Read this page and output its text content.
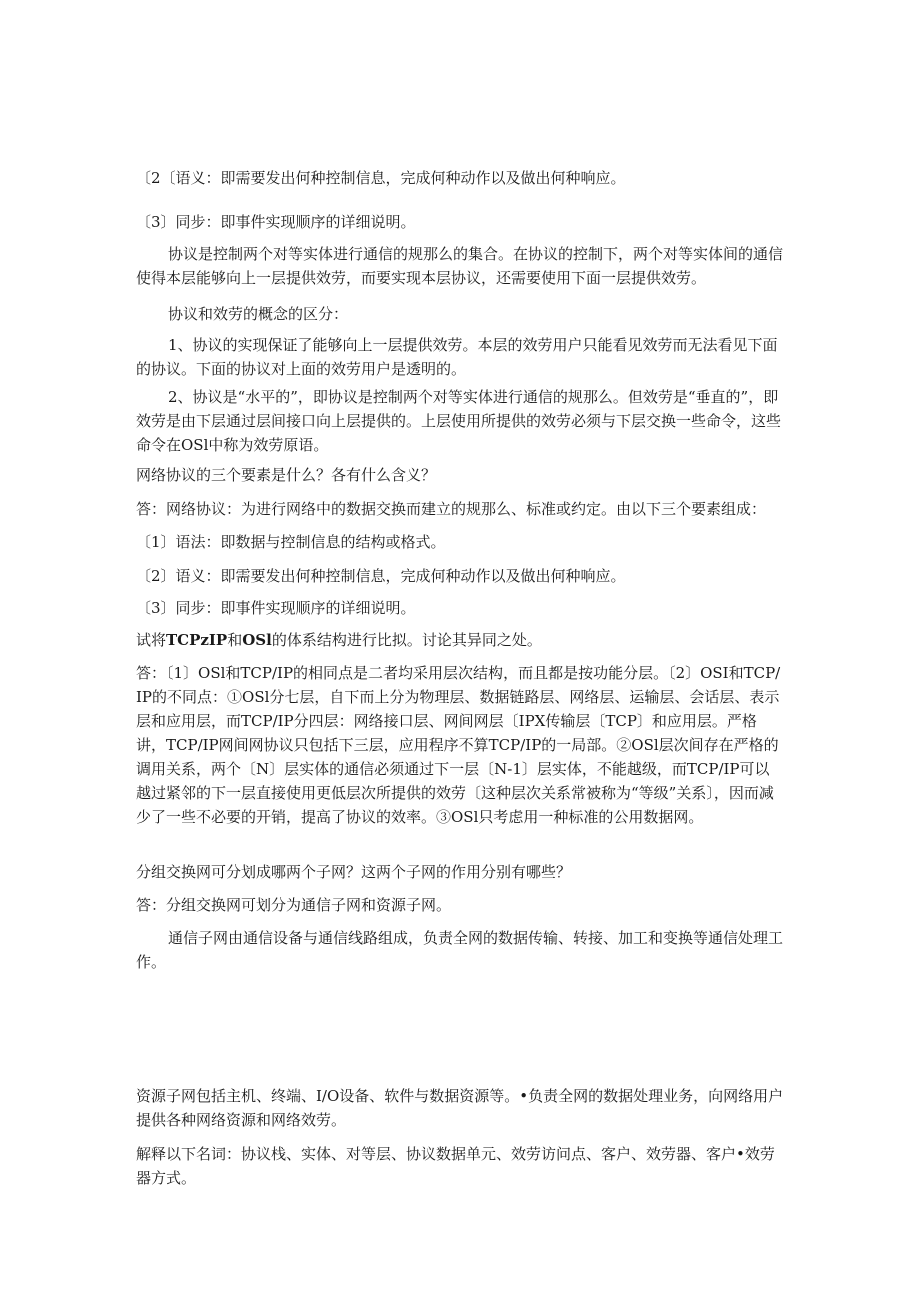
〔2〔语义：即需要发出何种控制信息，完成何种动作以及做出何种响应。

〔3〕同步：即事件实现顺序的详细说明。

协议是控制两个对等实体进行通信的规那么的集合。在协议的控制下，两个对等实体间的通信使得本层能够向上一层提供效劳，而要实现本层协议，还需要使用下面一层提供效劳。

协议和效劳的概念的区分：

1、协议的实现保证了能够向上一层提供效劳。本层的效劳用户只能看见效劳而无法看见下面的协议。下面的协议对上面的效劳用户是透明的。

2、协议是“水平的”，即协议是控制两个对等实体进行通信的规那么。但效劳是“垂直的”，即效劳是由下层通过层间接口向上层提供的。上层使用所提供的效劳必须与下层交换一些命令，这些命令在OSl中称为效劳原语。

网络协议的三个要素是什么？各有什么含义？

答：网络协议：为进行网络中的数据交换而建立的规那么、标准或约定。由以下三个要素组成：

〔1〕语法：即数据与控制信息的结构或格式。

〔2〕语义：即需要发出何种控制信息，完成何种动作以及做出何种响应。

〔3〕同步：即事件实现顺序的详细说明。

试将TCPzIP和OSl的体系结构进行比拟。讨论其异同之处。

答：〔1〕OSl和TCP/IP的相同点是二者均采用层次结构，而且都是按功能分层。〔2〕OSI和TCP/IP的不同点：①OSl分七层，自下而上分为物理层、数据链路层、网络层、运输层、会话层、表示层和应用层，而TCP/IP分四层：网络接口层、网间网层〔IPX传输层〔TCP〕和应用层。严格讲，TCP/IP网间网协议只包括下三层，应用程序不算TCP/IP的一局部。②OSl层次间存在严格的调用关系，两个〔N〕层实体的通信必须通过下一层〔N-1〕层实体，不能越级，而TCP/IP可以越过紧邻的下一层直接使用更低层次所提供的效劳〔这种层次关系常被称为“等级”关系〕，因而减少了一些不必要的开销，提高了协议的效率。③OSl只考虑用一种标准的公用数据网。

分组交换网可分划成哪两个子网？这两个子网的作用分别有哪些？

答：分组交换网可划分为通信子网和资源子网。

通信子网由通信设备与通信线路组成，负责全网的数据传输、转接、加工和变换等通信处理工作。

资源子网包括主机、终端、I/O设备、软件与数据资源等。•负责全网的数据处理业务，向网络用户提供各种网络资源和网络效劳。

解释以下名词：协议栈、实体、对等层、协议数据单元、效劳访问点、客户、效劳器、客户•效劳器方式。
